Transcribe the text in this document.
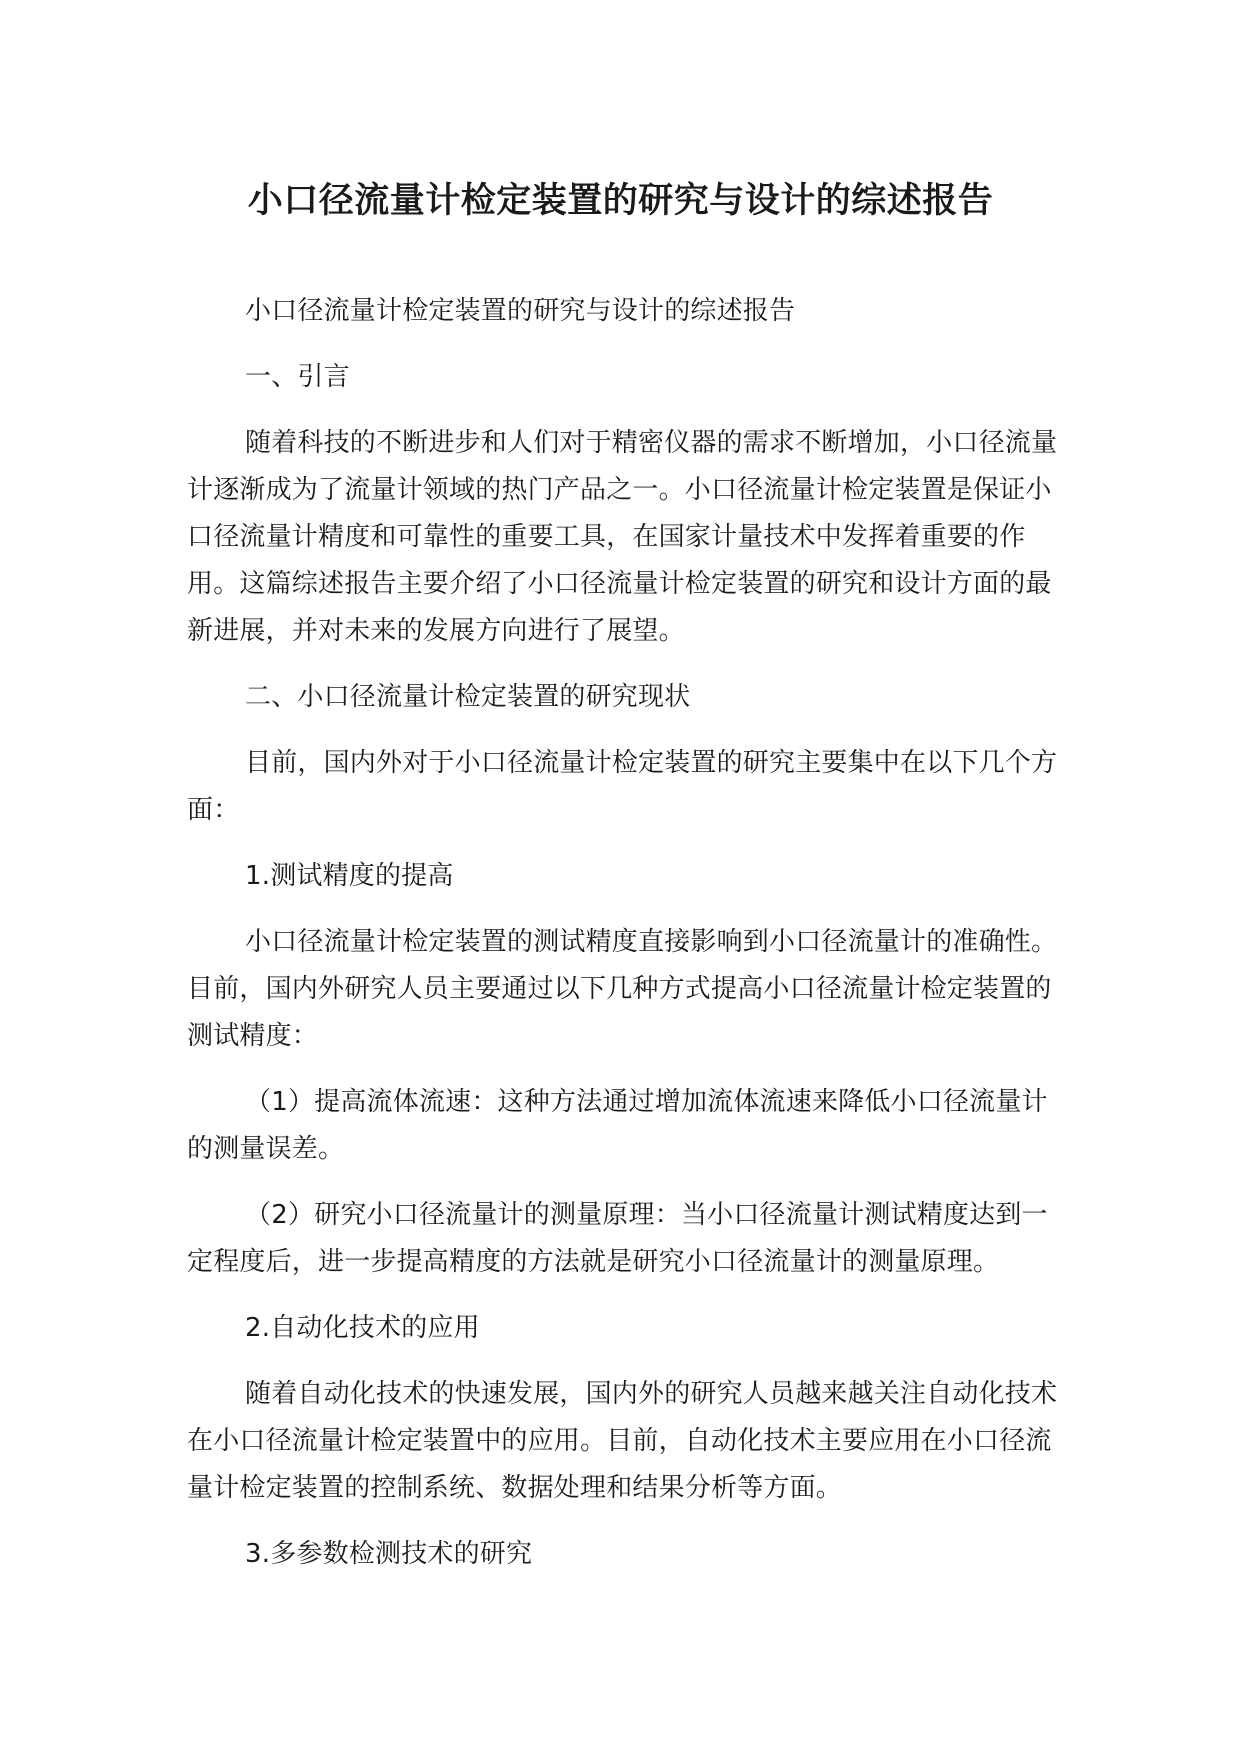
小口径流量计检定装置的研究与设计的综述报告

小口径流量计检定装置的研究与设计的综述报告

一、引言

随着科技的不断进步和人们对于精密仪器的需求不断增加，小口径流量计逐渐成为了流量计领域的热门产品之一。小口径流量计检定装置是保证小口径流量计精度和可靠性的重要工具，在国家计量技术中发挥着重要的作用。这篇综述报告主要介绍了小口径流量计检定装置的研究和设计方面的最新进展，并对未来的发展方向进行了展望。

二、小口径流量计检定装置的研究现状

目前，国内外对于小口径流量计检定装置的研究主要集中在以下几个方面：

1.测试精度的提高

小口径流量计检定装置的测试精度直接影响到小口径流量计的准确性。目前，国内外研究人员主要通过以下几种方式提高小口径流量计检定装置的测试精度：

（1）提高流体流速：这种方法通过增加流体流速来降低小口径流量计的测量误差。

（2）研究小口径流量计的测量原理：当小口径流量计测试精度达到一定程度后，进一步提高精度的方法就是研究小口径流量计的测量原理。

2.自动化技术的应用

随着自动化技术的快速发展，国内外的研究人员越来越关注自动化技术在小口径流量计检定装置中的应用。目前，自动化技术主要应用在小口径流量计检定装置的控制系统、数据处理和结果分析等方面。

3.多参数检测技术的研究
